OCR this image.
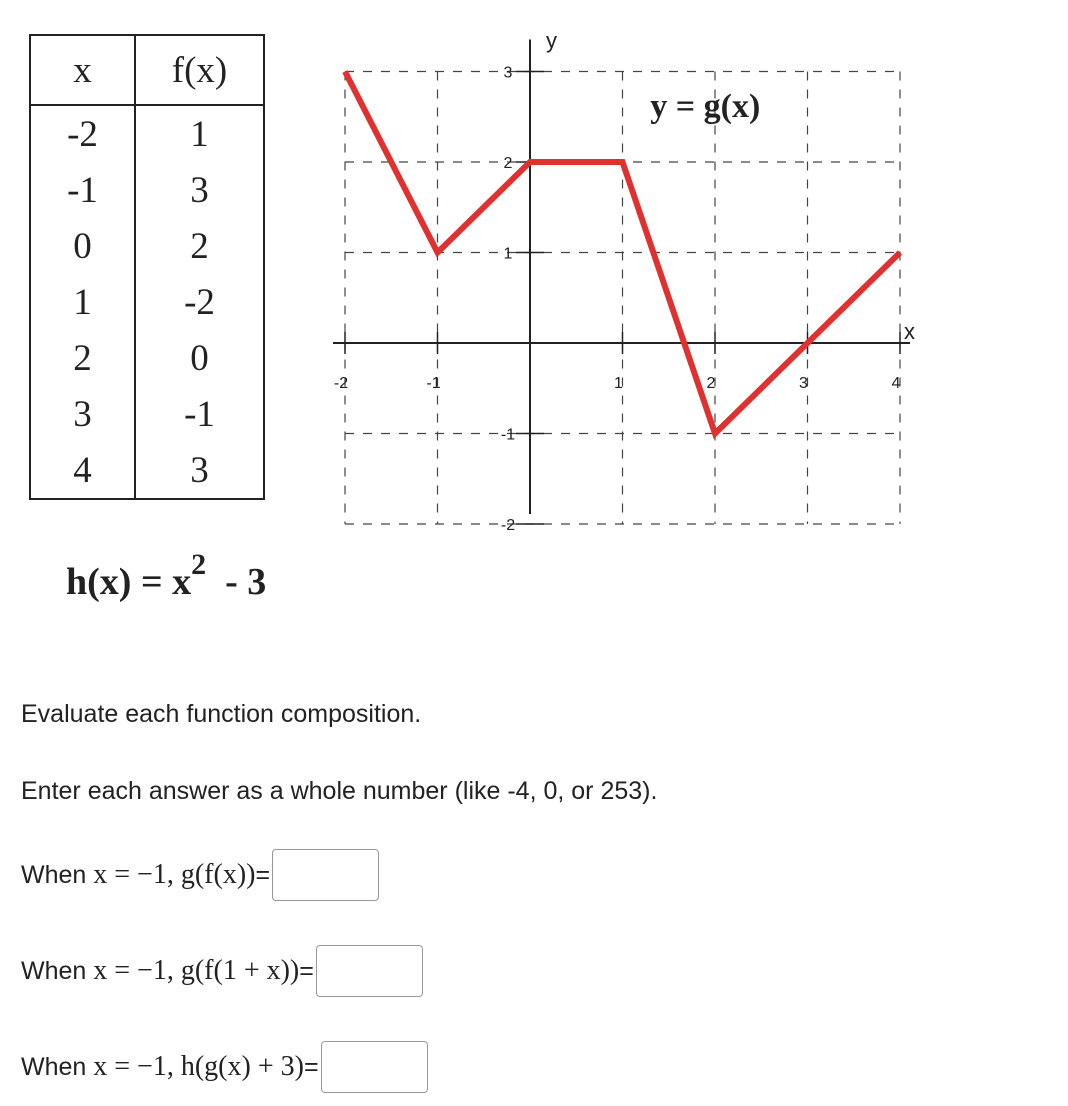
x	f(x)
-2	1
-1	3
0	2
1	-2
2	0
3	-1
4	3
-2	-1	1	2	3	4
3
2
1
-1
-2
y
x
y = g(x)
$h(x) = x^2 - 3$
Evaluate each function composition.
Enter each answer as a whole number (like -4, 0, or 253).
When
x = −1, g(f(x)) =
When
x = −1, g(f(1 + x)) =
When
x = −1, h(g(x) + 3) =
